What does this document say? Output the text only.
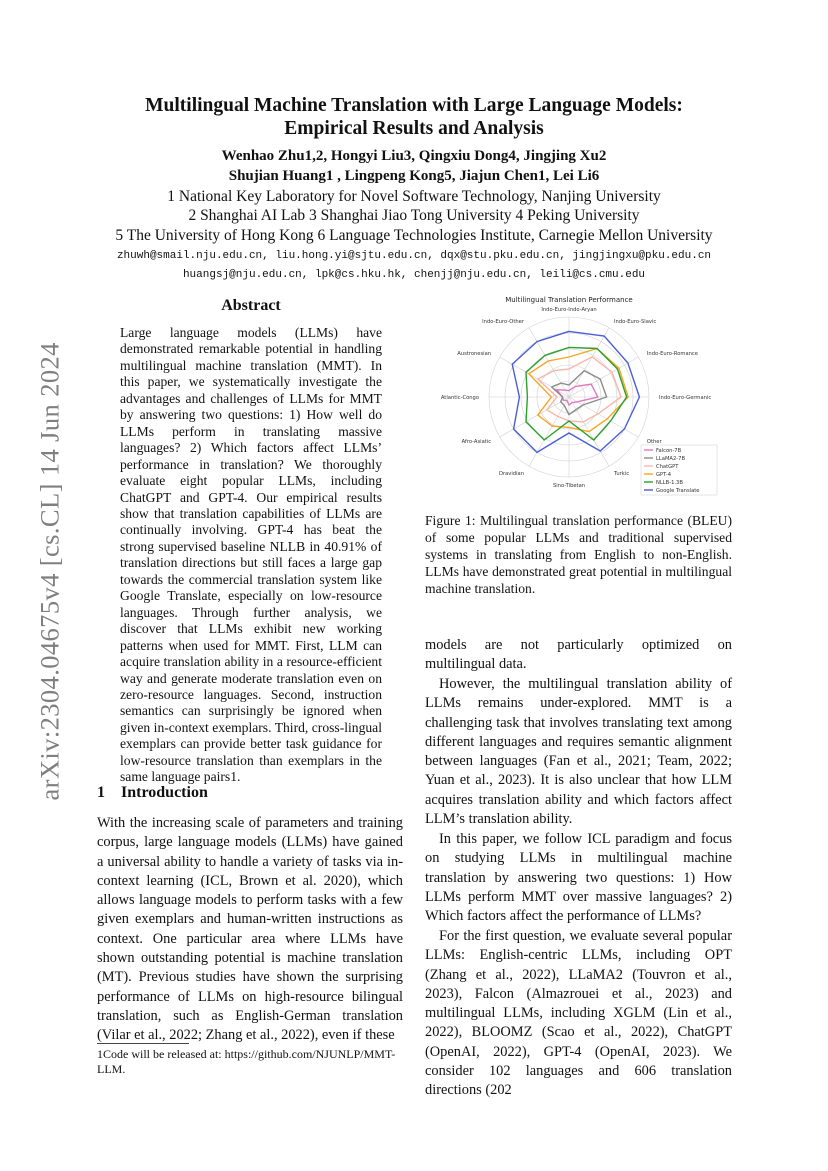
arXiv:2304.04675v4 [cs.CL] 14 Jun 2024
Multilingual Machine Translation with Large Language Models:
Empirical Results and Analysis
Wenhao Zhu1,2, Hongyi Liu3, Qingxiu Dong4, Jingjing Xu2
Shujian Huang1 , Lingpeng Kong5, Jiajun Chen1, Lei Li6
1 National Key Laboratory for Novel Software Technology, Nanjing University
2 Shanghai AI Lab 3 Shanghai Jiao Tong University 4 Peking University
5 The University of Hong Kong 6 Language Technologies Institute, Carnegie Mellon University
zhuwh@smail.nju.edu.cn, liu.hong.yi@sjtu.edu.cn, dqx@stu.pku.edu.cn, jingjingxu@pku.edu.cn
huangsj@nju.edu.cn, lpk@cs.hku.hk, chenjj@nju.edu.cn, leili@cs.cmu.edu
Abstract
Large language models (LLMs) have demonstrated remarkable potential in handling multilingual machine translation (MMT). In this paper, we systematically investigate the advantages and challenges of LLMs for MMT by answering two questions: 1) How well do LLMs perform in translating massive languages? 2) Which factors affect LLMs’ performance in translation? We thoroughly evaluate eight popular LLMs, including ChatGPT and GPT-4. Our empirical results show that translation capabilities of LLMs are continually involving. GPT-4 has beat the strong supervised baseline NLLB in 40.91% of translation directions but still faces a large gap towards the commercial translation system like Google Translate, especially on low-resource languages. Through further analysis, we discover that LLMs exhibit new working patterns when used for MMT. First, LLM can acquire translation ability in a resource-efficient way and generate moderate translation even on zero-resource languages. Second, instruction semantics can surprisingly be ignored when given in-context exemplars. Third, cross-lingual exemplars can provide better task guidance for low-resource translation than exemplars in the same language pairs1.
1    Introduction
With the increasing scale of parameters and training corpus, large language models (LLMs) have gained a universal ability to handle a variety of tasks via in-context learning (ICL, Brown et al. 2020), which allows language models to perform tasks with a few given exemplars and human-written instructions as context. One particular area where LLMs have shown outstanding potential is machine translation (MT). Previous studies have shown the surprising performance of LLMs on high-resource bilingual translation, such as English-German translation (Vilar et al., 2022; Zhang et al., 2022), even if these
1Code will be released at: https://github.com/NJUNLP/MMT-LLM.
Multilingual Translation Performance
Indo-Euro-Indo-Aryan
Indo-Euro-Slavic
Indo-Euro-Romance
Indo-Euro-Germanic
Other
Turkic
Sino-Tibetan
Dravidian
Afro-Asiatic
Atlantic-Congo
Austronesian
Indo-Euro-Other
Falcon-7B
LLaMA2-7B
ChatGPT
GPT-4
NLLB-1.3B
Google Translate
Figure 1: Multilingual translation performance (BLEU) of some popular LLMs and traditional supervised systems in translating from English to non-English. LLMs have demonstrated great potential in multilingual machine translation.
models are not particularly optimized on multilingual data.
However, the multilingual translation ability of LLMs remains under-explored. MMT is a challenging task that involves translating text among different languages and requires semantic alignment between languages (Fan et al., 2021; Team, 2022; Yuan et al., 2023). It is also unclear that how LLM acquires translation ability and which factors affect LLM’s translation ability.
In this paper, we follow ICL paradigm and focus on studying LLMs in multilingual machine translation by answering two questions: 1) How LLMs perform MMT over massive languages? 2) Which factors affect the performance of LLMs?
For the first question, we evaluate several popular LLMs: English-centric LLMs, including OPT (Zhang et al., 2022), LLaMA2 (Touvron et al., 2023), Falcon (Almazrouei et al., 2023) and multilingual LLMs, including XGLM (Lin et al., 2022), BLOOMZ (Scao et al., 2022), ChatGPT (OpenAI, 2022), GPT-4 (OpenAI, 2023). We consider 102 languages and 606 translation directions (202
